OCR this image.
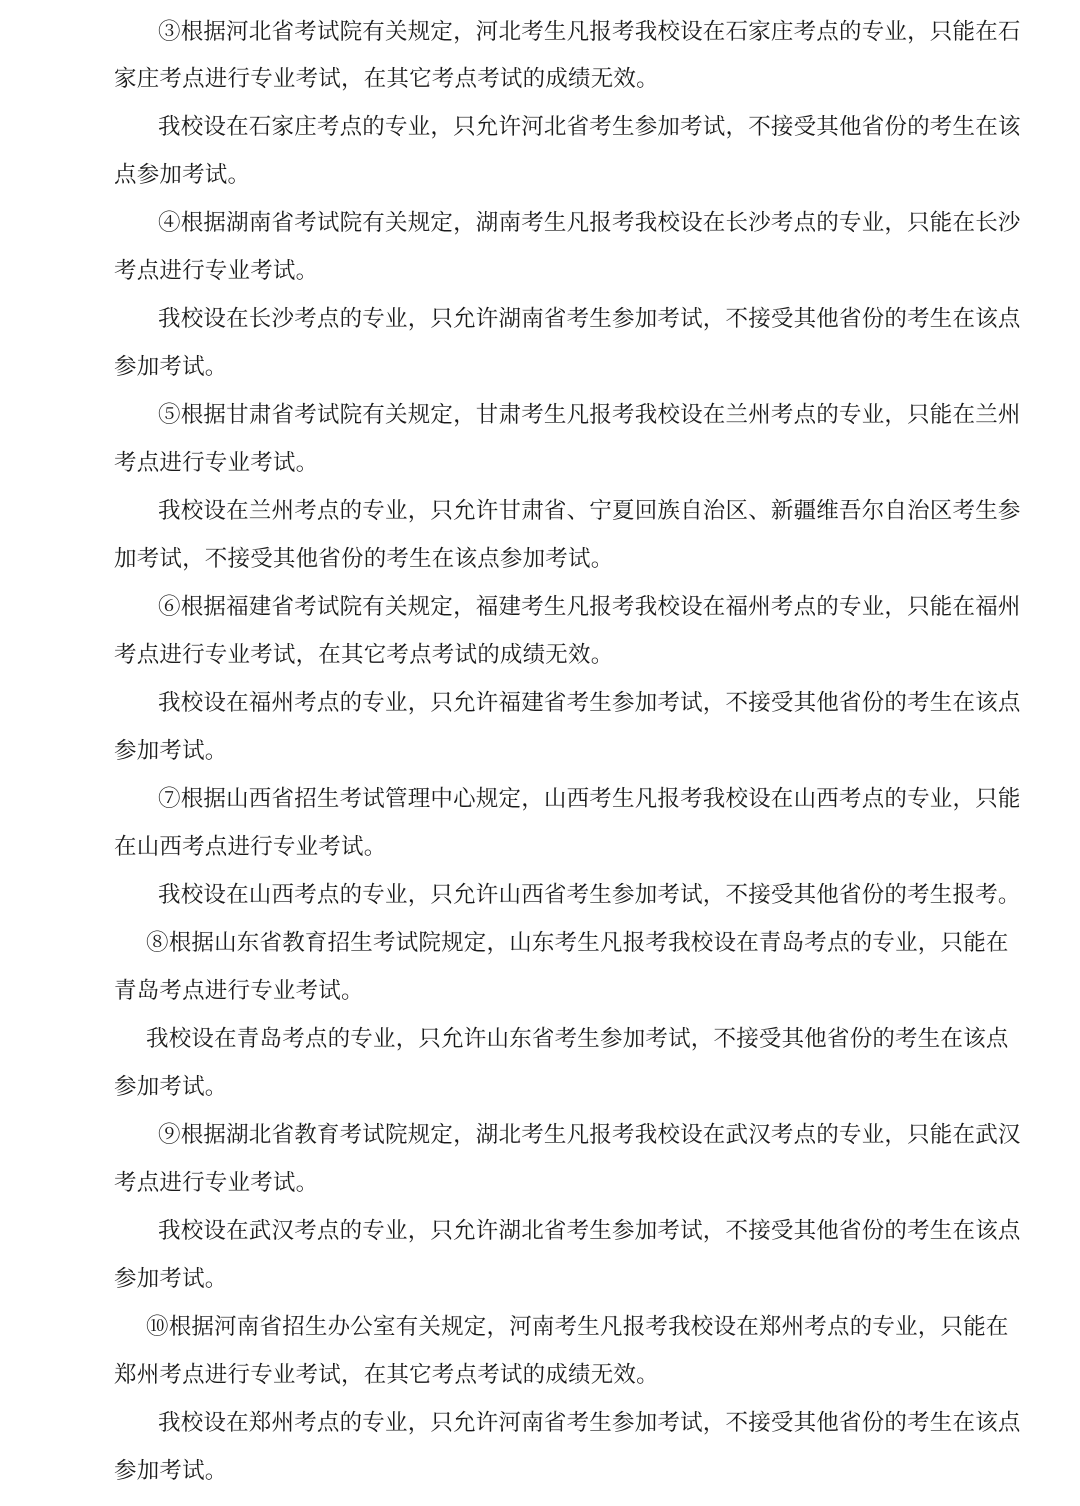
③根据河北省考试院有关规定，河北考生凡报考我校设在石家庄考点的专业，只能在石
家庄考点进行专业考试，在其它考点考试的成绩无效。
我校设在石家庄考点的专业，只允许河北省考生参加考试，不接受其他省份的考生在该
点参加考试。
④根据湖南省考试院有关规定，湖南考生凡报考我校设在长沙考点的专业，只能在长沙
考点进行专业考试。
我校设在长沙考点的专业，只允许湖南省考生参加考试，不接受其他省份的考生在该点
参加考试。
⑤根据甘肃省考试院有关规定，甘肃考生凡报考我校设在兰州考点的专业，只能在兰州
考点进行专业考试。
我校设在兰州考点的专业，只允许甘肃省、宁夏回族自治区、新疆维吾尔自治区考生参
加考试，不接受其他省份的考生在该点参加考试。
⑥根据福建省考试院有关规定，福建考生凡报考我校设在福州考点的专业，只能在福州
考点进行专业考试，在其它考点考试的成绩无效。
我校设在福州考点的专业，只允许福建省考生参加考试，不接受其他省份的考生在该点
参加考试。
⑦根据山西省招生考试管理中心规定，山西考生凡报考我校设在山西考点的专业，只能
在山西考点进行专业考试。
我校设在山西考点的专业，只允许山西省考生参加考试，不接受其他省份的考生报考。
⑧根据山东省教育招生考试院规定，山东考生凡报考我校设在青岛考点的专业，只能在
青岛考点进行专业考试。
我校设在青岛考点的专业，只允许山东省考生参加考试，不接受其他省份的考生在该点
参加考试。
⑨根据湖北省教育考试院规定，湖北考生凡报考我校设在武汉考点的专业，只能在武汉
考点进行专业考试。
我校设在武汉考点的专业，只允许湖北省考生参加考试，不接受其他省份的考生在该点
参加考试。
⑩根据河南省招生办公室有关规定，河南考生凡报考我校设在郑州考点的专业，只能在
郑州考点进行专业考试，在其它考点考试的成绩无效。
我校设在郑州考点的专业，只允许河南省考生参加考试，不接受其他省份的考生在该点
参加考试。
